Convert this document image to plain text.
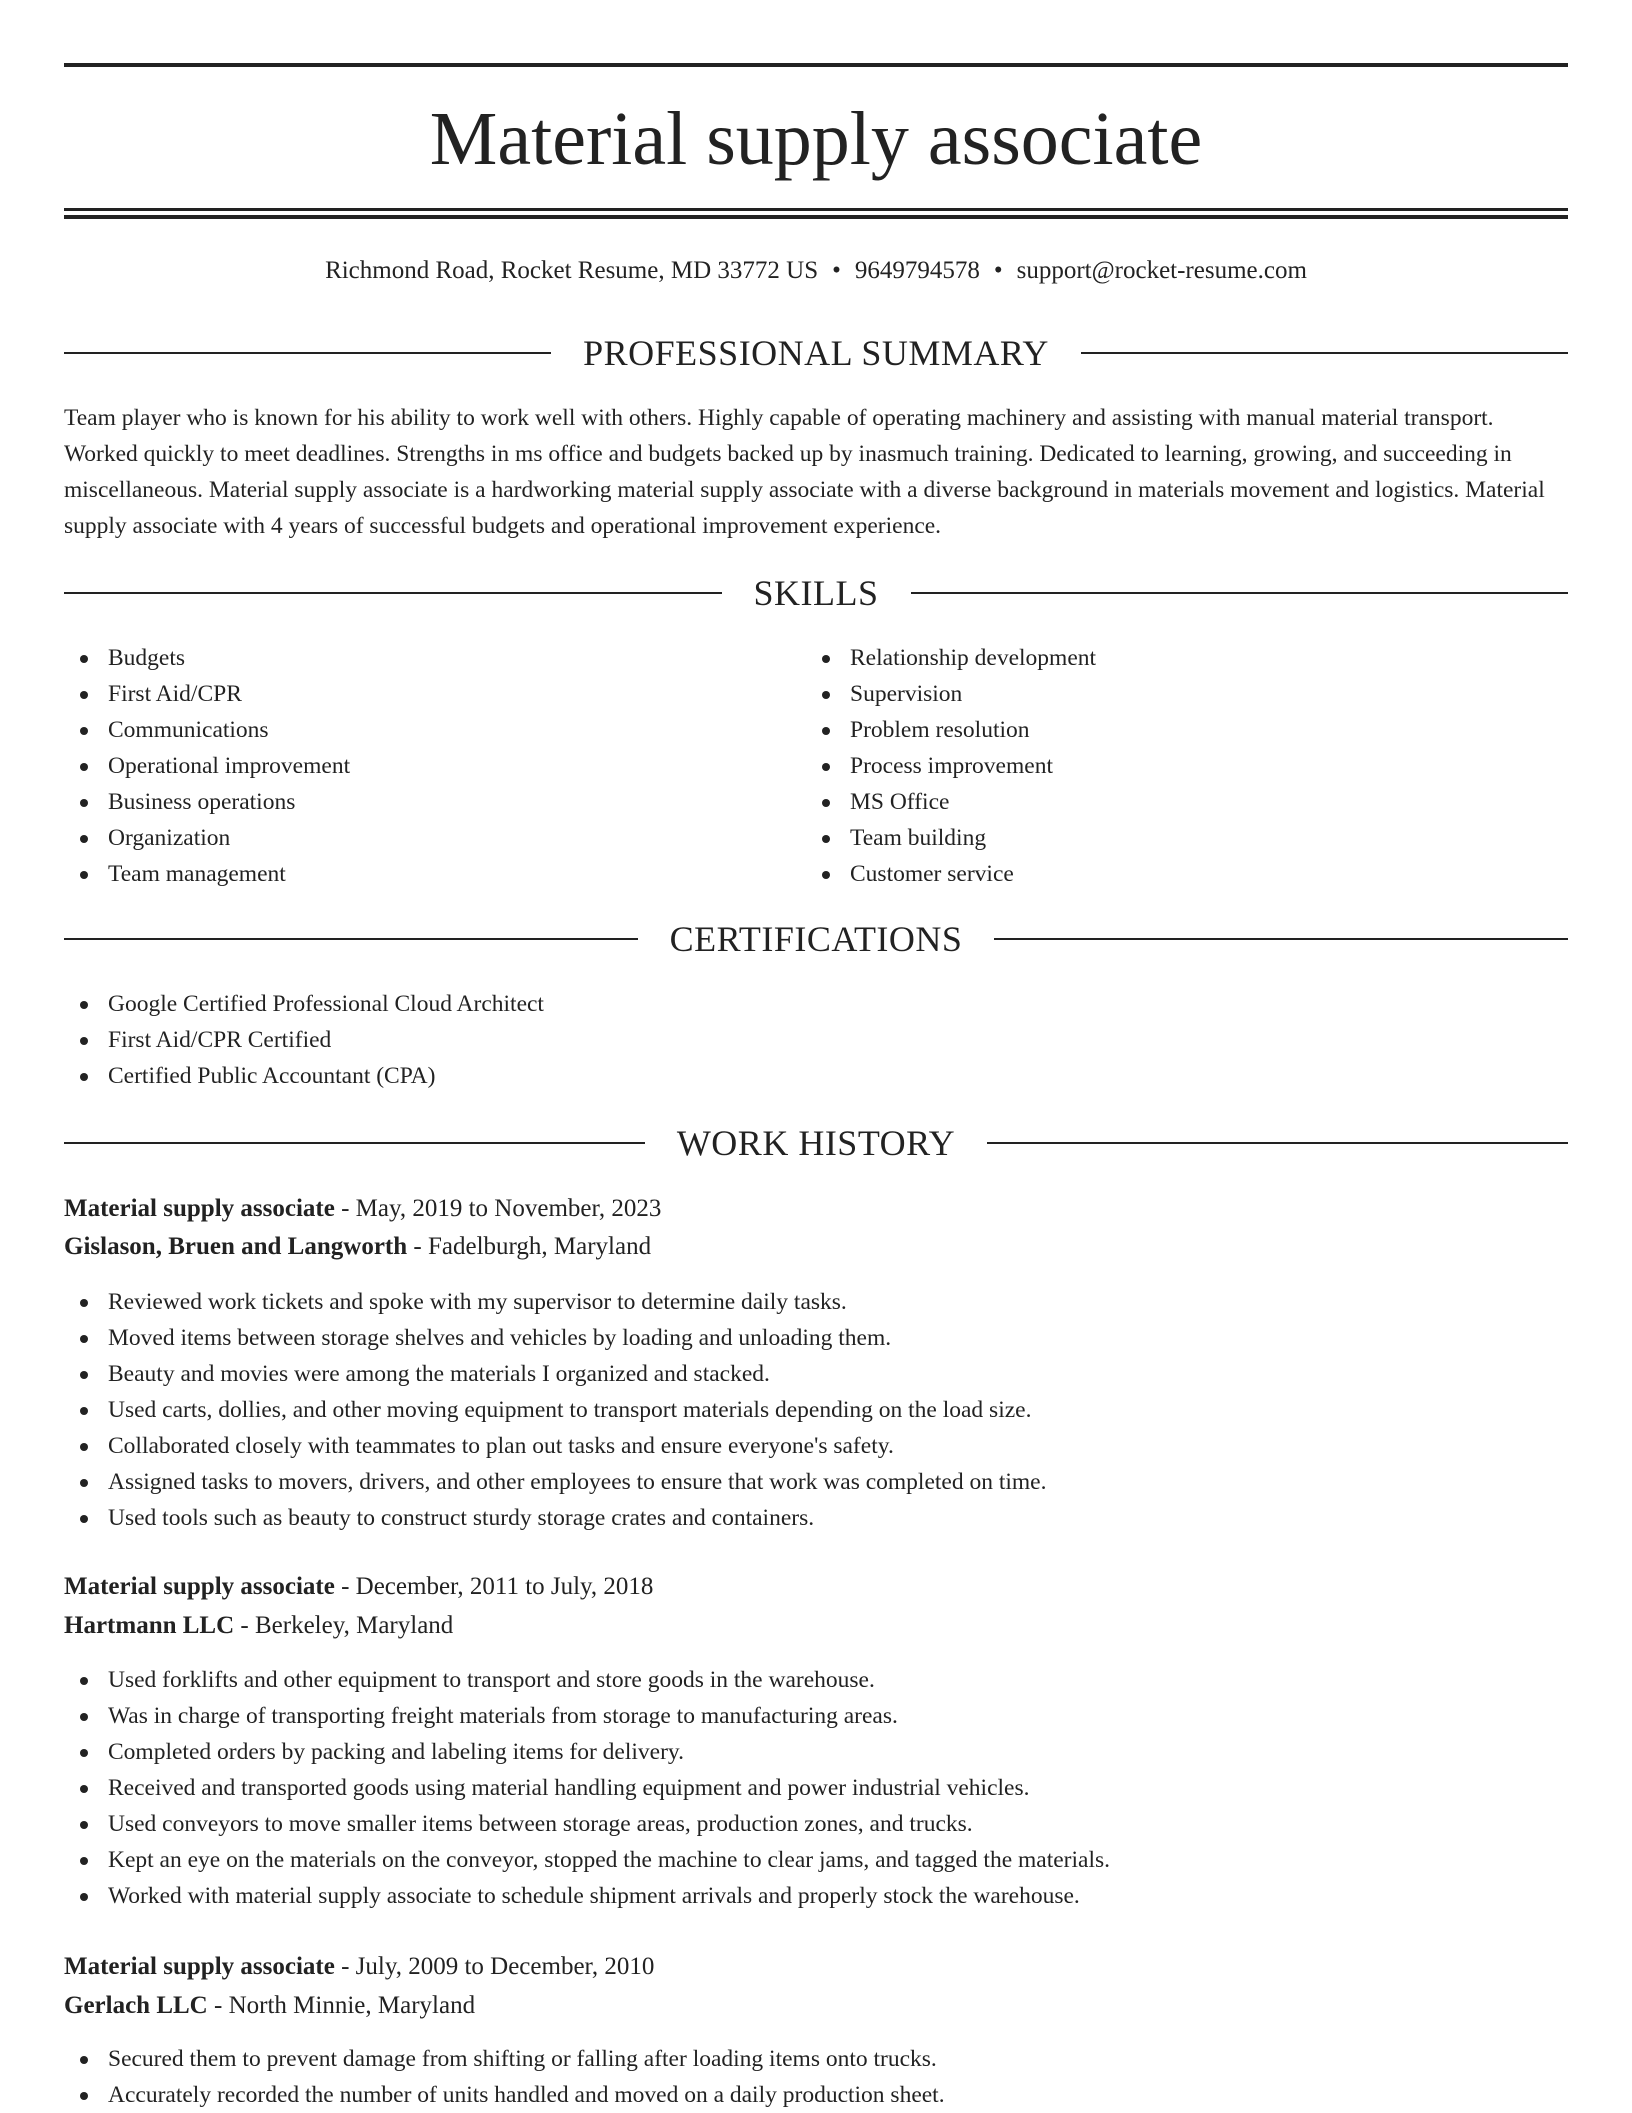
Material supply associate
Richmond Road, Rocket Resume, MD 33772 US • 9649794578 • support@rocket-resume.com
PROFESSIONAL SUMMARY

Team player who is known for his ability to work well with others. Highly capable of operating machinery and assisting with manual material transport. Worked quickly to meet deadlines. Strengths in ms office and budgets backed up by inasmuch training. Dedicated to learning, growing, and succeeding in miscellaneous. Material supply associate is a hardworking material supply associate with a diverse background in materials movement and logistics. Material supply associate with 4 years of successful budgets and operational improvement experience.

SKILLS
Budgets
First Aid/CPR
Communications
Operational improvement
Business operations
Organization
Team management
Relationship development
Supervision
Problem resolution
Process improvement
MS Office
Team building
Customer service
CERTIFICATIONS
Google Certified Professional Cloud Architect
First Aid/CPR Certified
Certified Public Accountant (CPA)
WORK HISTORY
Material supply associate - May, 2019 to November, 2023
Gislason, Bruen and Langworth - Fadelburgh, Maryland
Reviewed work tickets and spoke with my supervisor to determine daily tasks.
Moved items between storage shelves and vehicles by loading and unloading them.
Beauty and movies were among the materials I organized and stacked.
Used carts, dollies, and other moving equipment to transport materials depending on the load size.
Collaborated closely with teammates to plan out tasks and ensure everyone's safety.
Assigned tasks to movers, drivers, and other employees to ensure that work was completed on time.
Used tools such as beauty to construct sturdy storage crates and containers.
Material supply associate - December, 2011 to July, 2018
Hartmann LLC - Berkeley, Maryland
Used forklifts and other equipment to transport and store goods in the warehouse.
Was in charge of transporting freight materials from storage to manufacturing areas.
Completed orders by packing and labeling items for delivery.
Received and transported goods using material handling equipment and power industrial vehicles.
Used conveyors to move smaller items between storage areas, production zones, and trucks.
Kept an eye on the materials on the conveyor, stopped the machine to clear jams, and tagged the materials.
Worked with material supply associate to schedule shipment arrivals and properly stock the warehouse.
Material supply associate - July, 2009 to December, 2010
Gerlach LLC - North Minnie, Maryland
Secured them to prevent damage from shifting or falling after loading items onto trucks.
Accurately recorded the number of units handled and moved on a daily production sheet.
